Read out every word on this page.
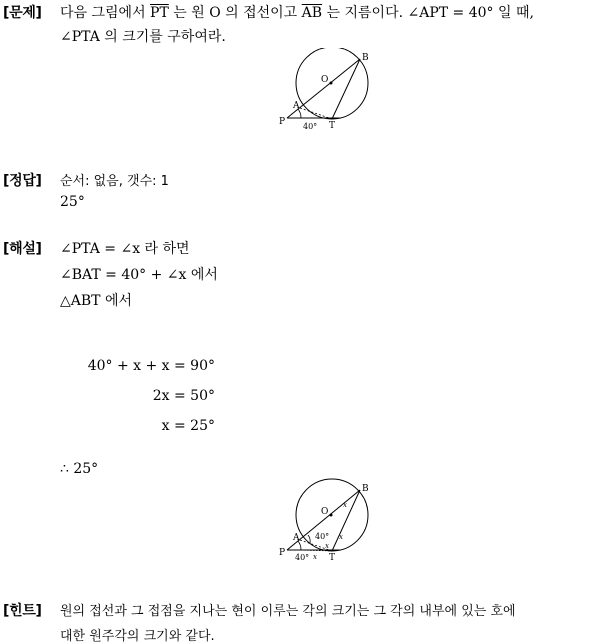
[문제] 다음 그림에서 $\overline{PT}$ 는 원 O 의 접선이고 $\overline{AB}$ 는 지름이다. ∠APT = 40° 일 때,
∠PTA 의 크기를 구하여라.
B
O
A
P	T
40°
[정답] 순서: 없음, 갯수: 1
25°
[해설] ∠PTA = ∠x 라 하면
∠BAT = 40° + ∠x 에서
△ABT 에서
40° + x + x = 90°
2x = 50°
x = 25°
∴ 25°
B
O
A
P	T
40°
40°
x
x
x
x
[힌트] 원의 접선과 그 접점을 지나는 현이 이루는 각의 크기는 그 각의 내부에 있는 호에
대한 원주각의 크기와 같다.
